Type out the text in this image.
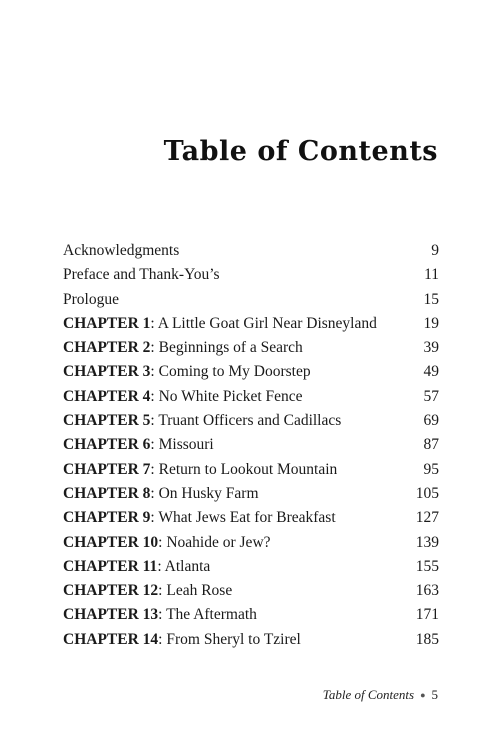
Table of Contents
Acknowledgments	9
Preface and Thank-You’s	11
Prologue	15
CHAPTER 1: A Little Goat Girl Near Disneyland	19
CHAPTER 2: Beginnings of a Search	39
CHAPTER 3: Coming to My Doorstep	49
CHAPTER 4: No White Picket Fence	57
CHAPTER 5: Truant Officers and Cadillacs	69
CHAPTER 6: Missouri	87
CHAPTER 7: Return to Lookout Mountain	95
CHAPTER 8: On Husky Farm	105
CHAPTER 9: What Jews Eat for Breakfast	127
CHAPTER 10: Noahide or Jew?	139
CHAPTER 11: Atlanta	155
CHAPTER 12: Leah Rose	163
CHAPTER 13: The Aftermath	171
CHAPTER 14: From Sheryl to Tzirel	185
Table of Contents ● 5
